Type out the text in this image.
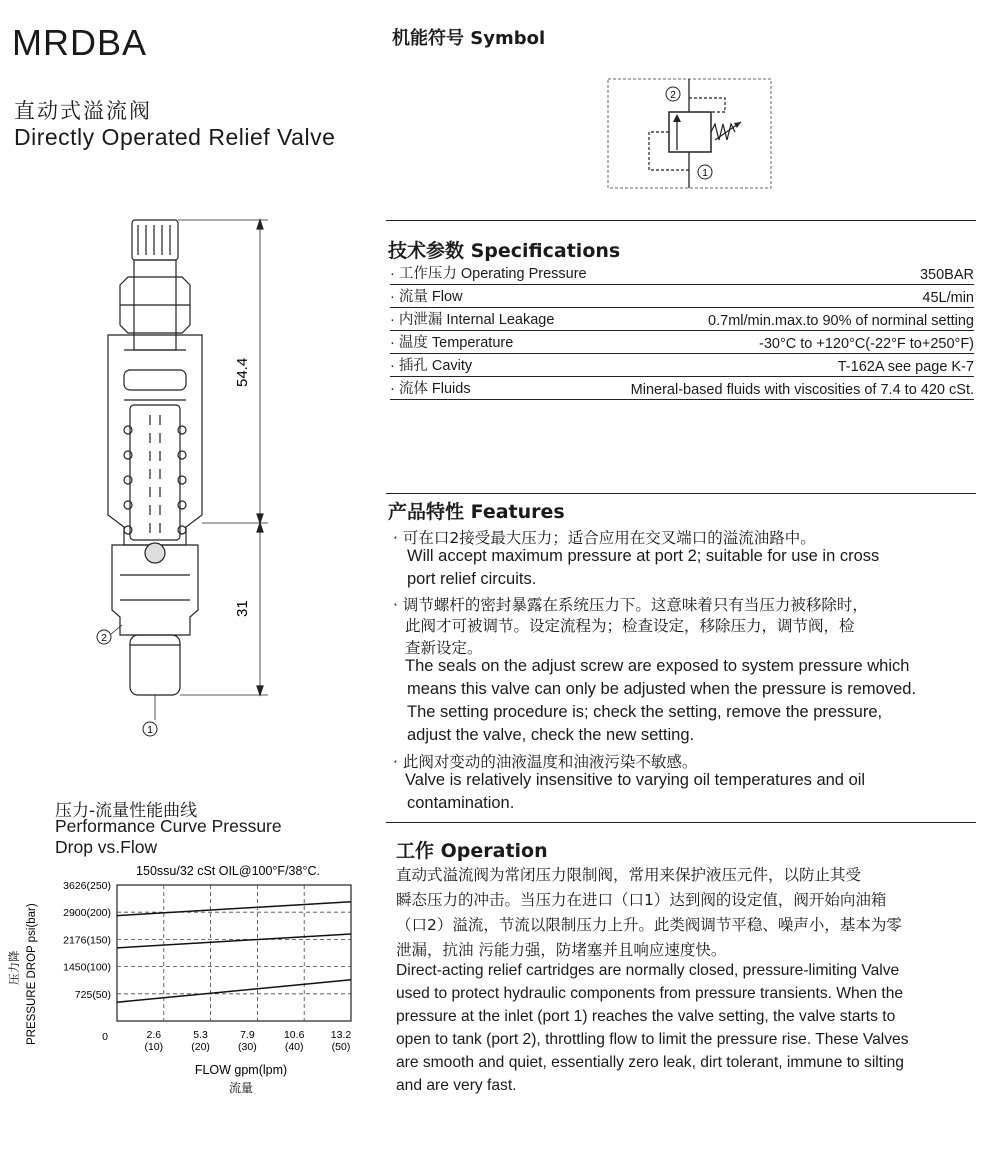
MRDBA
直动式溢流阀
Directly Operated Relief Valve
机能符号 Symbol
2
1
54.4
31
2
1
技术参数 Specifications
· 工作压力 Operating Pressure	350BAR
· 流量 Flow	45L/min
· 内泄漏 Internal Leakage	0.7ml/min.max.to 90% of norminal setting
· 温度 Temperature	-30°C to +120°C(-22°F to+250°F)
· 插孔 Cavity	T-162A see page K-7
· 流体 Fluids	Mineral-based fluids with viscosities of 7.4 to 420 cSt.
产品特性 Features
· 可在口2接受最大压力；适合应用在交叉端口的溢流油路中。
Will accept maximum pressure at port 2; suitable for use in cross
port relief circuits.
· 调节螺杆的密封暴露在系统压力下。这意味着只有当压力被移除时，
此阀才可被调节。设定流程为；检查设定，移除压力，调节阀，检
查新设定。
The seals on the adjust screw are exposed to system pressure which
means this valve can only be adjusted when the pressure is removed.
The setting procedure is; check the setting, remove the pressure,
adjust the valve, check the new setting.
· 此阀对变动的油液温度和油液污染不敏感。
Valve is relatively insensitive to varying oil temperatures and oil
contamination.
工作 Operation
直动式溢流阀为常闭压力限制阀，常用来保护液压元件，以防止其受
瞬态压力的冲击。当压力在进口（口1）达到阀的设定值，阀开始向油箱
（口2）溢流，节流以限制压力上升。此类阀调节平稳、噪声小，基本为零
泄漏，抗油 污能力强，防堵塞并且响应速度快。
Direct-acting relief cartridges are normally closed, pressure-limiting Valve
used to protect hydraulic components from pressure transients. When the
pressure at the inlet (port 1) reaches the valve setting, the valve starts to
open to tank (port 2), throttling flow to limit the pressure rise. These Valves
are smooth and quiet, essentially zero leak, dirt tolerant, immune to silting
and are very fast.
压力-流量性能曲线
Performance Curve Pressure
Drop vs.Flow
150ssu/32 cSt OIL@100°F/38°C.
3626(250)
2900(200)
2176(150)
1450(100)
725(50)
2.6
(10)
5.3
(20)
7.9
(30)
10.6
(40)
13.2
(50)
0
PRESSURE DROP psi(bar)
压力降
FLOW gpm(lpm)
流量
